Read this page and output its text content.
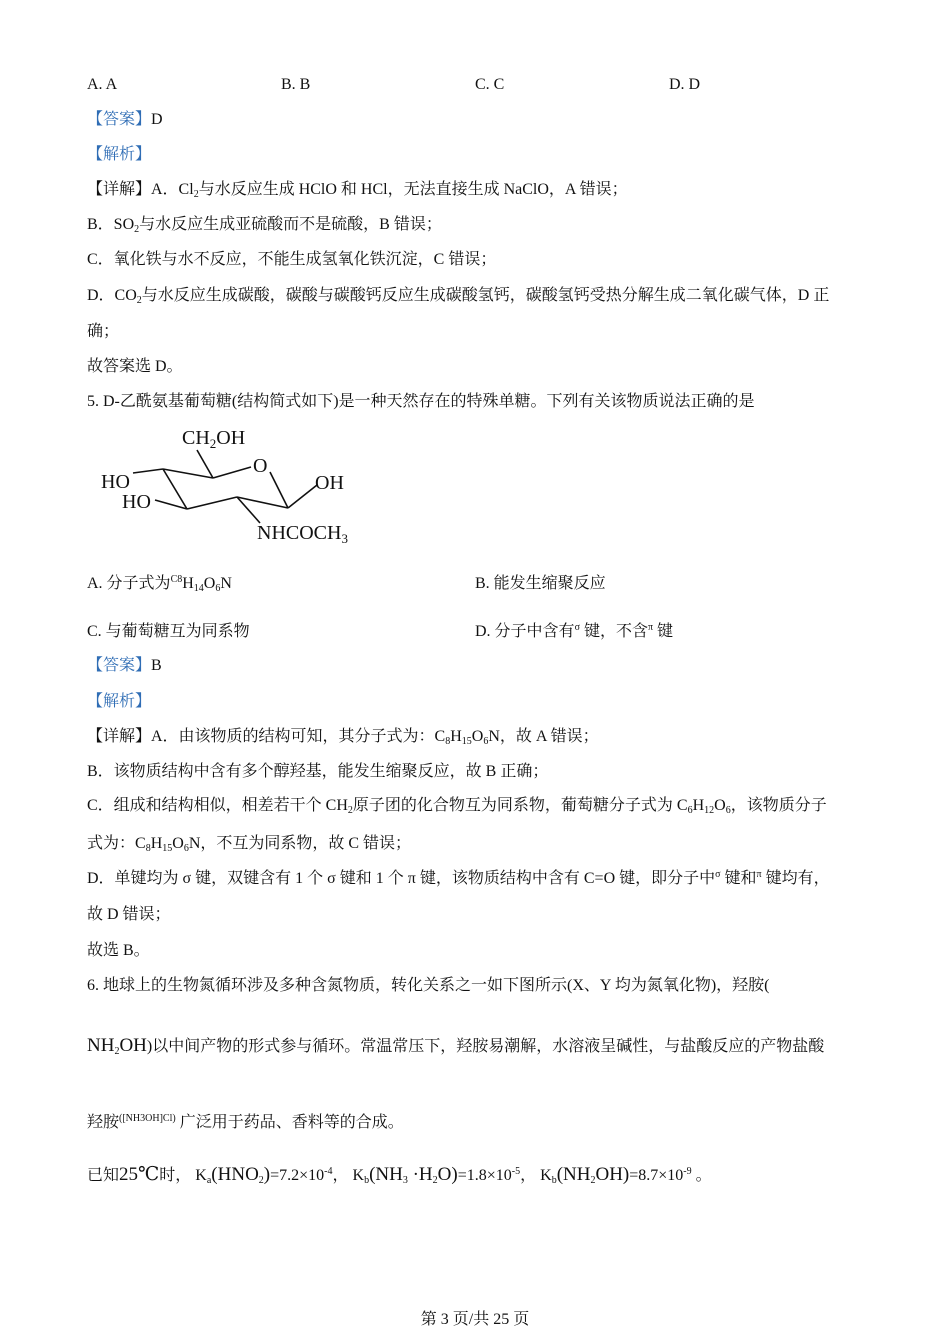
A. A	B. B	C. C	D. D
【答案】D
【解析】
【详解】A．$Cl_2$与水反应生成 HClO 和 HCl，无法直接生成 NaClO，A 错误；
B．$SO_2$与水反应生成亚硫酸而不是硫酸，B 错误；
C．氧化铁与水不反应，不能生成氢氧化铁沉淀，C 错误；
D．$CO_2$与水反应生成碳酸，碳酸与碳酸钙反应生成碳酸氢钙，碳酸氢钙受热分解生成二氧化碳气体，D 正
确；
故答案选 D。
5. D-乙酰氨基葡萄糖(结构简式如下)是一种天然存在的特殊单糖。下列有关该物质说法正确的是
$CH_2OH$
O
HO
HO
OH
$NHCOCH_3$
A. 分子式为$^{C8}H_{14}O_6N$	B. 能发生缩聚反应
C. 与葡萄糖互为同系物	D. 分子中含有$^\sigma$ 键，不含$^\pi$ 键
【答案】B
【解析】
【详解】A．由该物质的结构可知，其分子式为：$C_8H_{15}O_6N$，故 A 错误；
B．该物质结构中含有多个醇羟基，能发生缩聚反应，故 B 正确；
C．组成和结构相似，相差若干个 $CH_2$原子团的化合物互为同系物，葡萄糖分子式为 $C_6H_{12}O_6$，该物质分子
式为：$C_8H_{15}O_6N$，不互为同系物，故 C 错误；
D．单键均为 σ 键，双键含有 1 个 σ 键和 1 个 π 键，该物质结构中含有 C=O 键，即分子中$^\sigma$ 键和$^\pi$ 键均有，
故 D 错误；
故选 B。
6. 地球上的生物氮循环涉及多种含氮物质，转化关系之一如下图所示(X、Y 均为氮氧化物)，羟胺(
$NH_2OH$)以中间产物的形式参与循环。常温常压下，羟胺易潮解，水溶液呈碱性，与盐酸反应的产物盐酸
羟胺$^{([NH3OH]Cl)}$ 广泛用于药品、香料等的合成。
已知25℃时， $K_a(HNO_2)=7.2\times 10^{-4}$， $K_b(NH_3 \cdot H_2O)=1.8\times 10^{-5}$， $K_b(NH_2OH)=8.7\times 10^{-9}$ 。
第 3 页/共 25 页
